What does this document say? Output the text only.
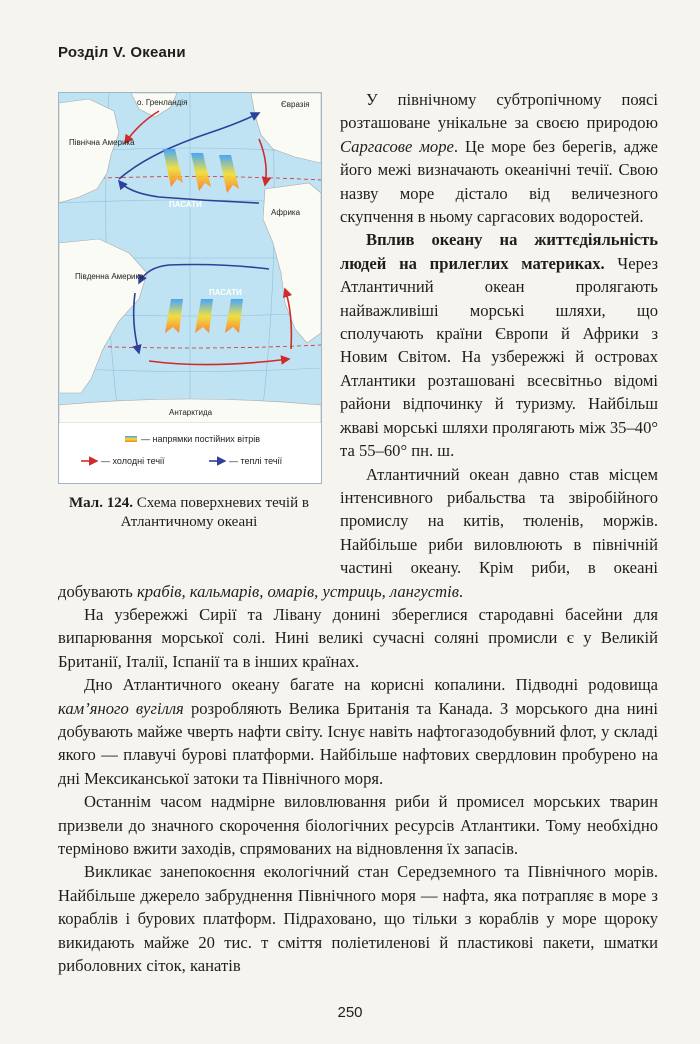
Розділ V. Океани
о. Гренландія	Євразія
Північна Америка
Африка
Південна Америка
Антарктида
ПАСАТИ
ПАСАТИ
— напрямки постійних вітрів
— холодні течії	— теплі течії
Мал. 124. Схема поверхневих течій в Атлантичному океані

У північному субтропічному поясі розташоване унікальне за своєю природою Саргасове море. Це море без берегів, адже його межі визначають океанічні течії. Свою назву море дістало від величезного скупчення в ньому саргасових водоростей.

Вплив океану на життєдіяльність людей на прилеглих материках. Через Атлантичний океан пролягають найважливіші морські шляхи, що сполучають країни Європи й Африки з Новим Світом. На узбережжі й островах Атлантики розташовані всесвітньо відомі райони відпочинку й туризму. Найбільш жваві морські шляхи пролягають між 35–40° та 55–60° пн. ш.

Атлантичний океан давно став місцем інтенсивного рибальства та звіробійного промислу на китів, тюленів, моржів. Найбільше риби виловлюють в північній частині океану. Крім риби, в океані добувають крабів, кальмарів, омарів, устриць, лангустів.

На узбережжі Сирії та Лівану донині збереглися стародавні басейни для випарювання морської солі. Нині великі сучасні соляні промисли є у Великій Британії, Італії, Іспанії та в інших країнах.

Дно Атлантичного океану багате на корисні копалини. Підводні родовища кам’яного вугілля розробляють Велика Британія та Канада. З морського дна нині добувають майже чверть нафти світу. Існує навіть нафтогазодобувний флот, у складі якого — плавучі бурові платформи. Найбільше нафтових свердловин пробурено на дні Мексиканської затоки та Північного моря.

Останнім часом надмірне виловлювання риби й промисел морських тварин призвели до значного скорочення біологічних ресурсів Атлантики. Тому необхідно терміново вжити заходів, спрямованих на відновлення їх запасів.

Викликає занепокоєння екологічний стан Середземного та Північного морів. Найбільше джерело забруднення Північного моря — нафта, яка потрапляє в море з кораблів і бурових платформ. Підраховано, що тільки з кораблів у море щороку викидають майже 20 тис. т сміття поліетиленові й пластикові пакети, шматки риболовних сіток, канатів

250
